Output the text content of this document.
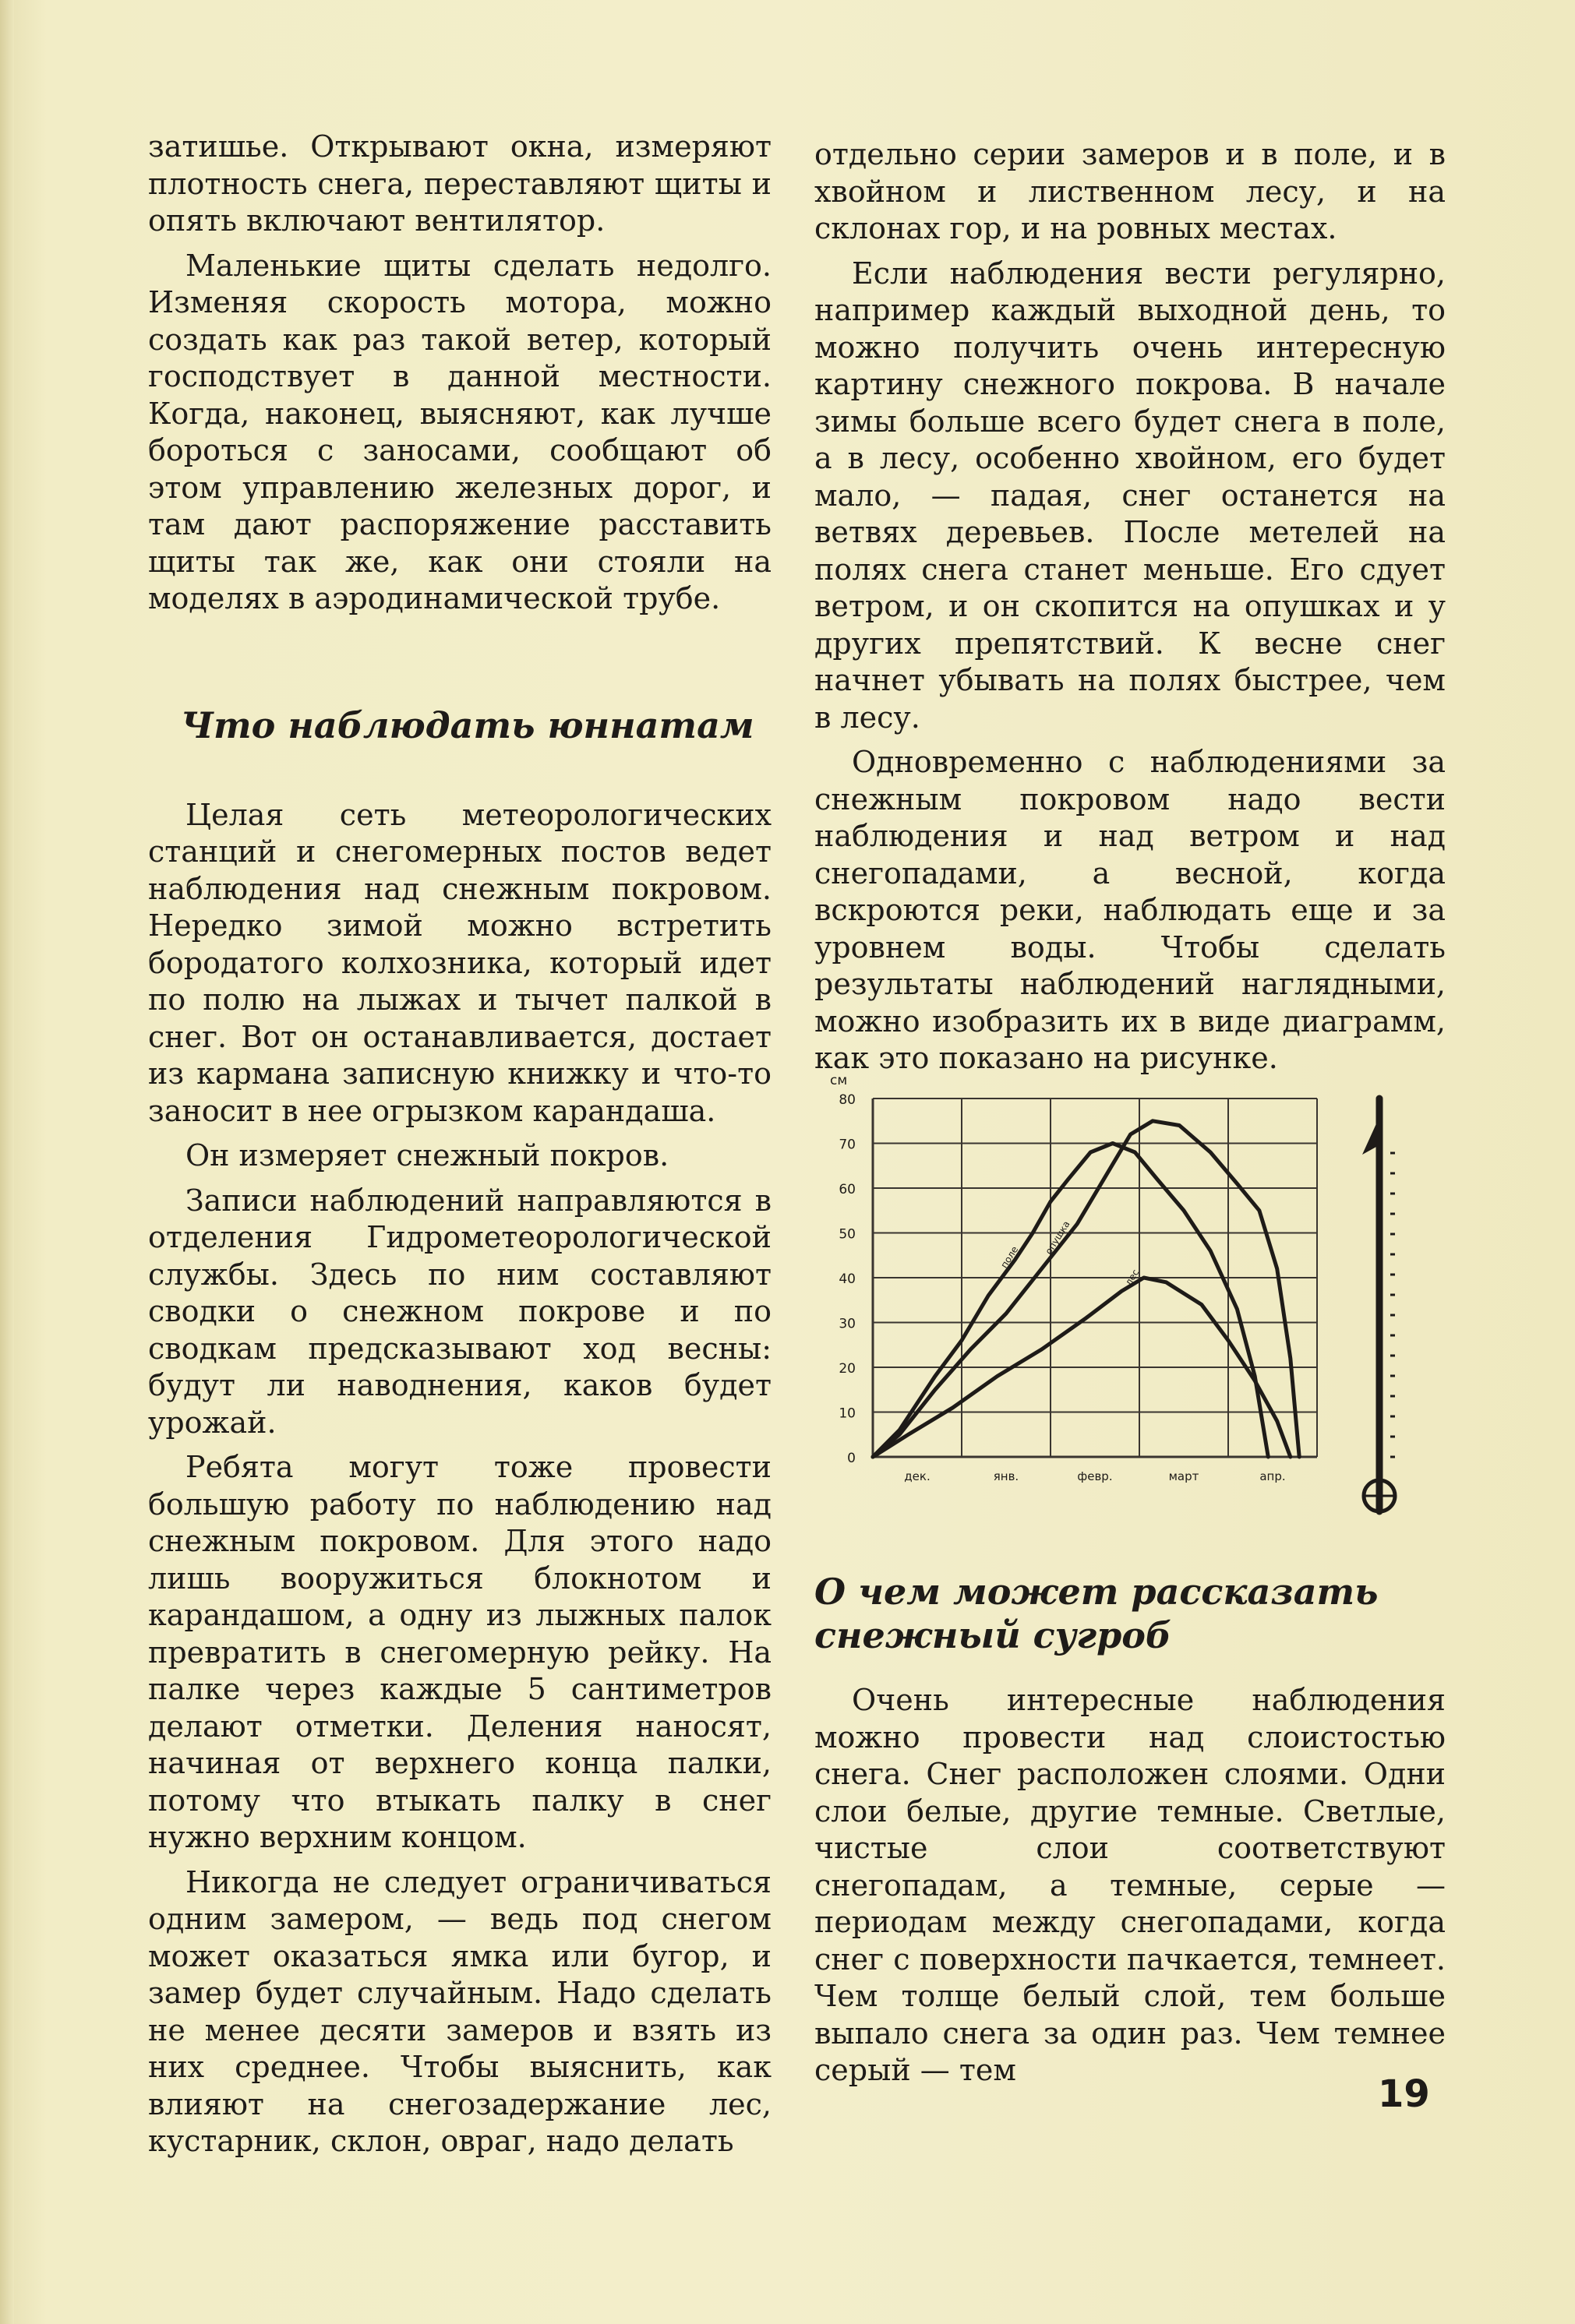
затишье. Открывают окна, измеряют плотность снега, переставляют щиты и опять включают вентилятор.

Маленькие щиты сделать недолго. Изменяя скорость мотора, можно создать как раз такой ветер, который господствует в данной местности. Когда, наконец, выясняют, как лучше бороться с заносами, сообщают об этом управлению железных дорог, и там дают распоряжение расставить щиты так же, как они стояли на моделях в аэродинамической трубе.

Что наблюдать юннатам

Целая сеть метеорологических станций и снегомерных постов ведет наблюдения над снежным покровом. Нередко зимой можно встретить бородатого колхозника, который идет по полю на лыжах и тычет палкой в снег. Вот он останавливается, достает из кармана записную книжку и что-то заносит в нее огрызком карандаша.

Он измеряет снежный покров.

Записи наблюдений направляются в отделения Гидрометеорологической службы. Здесь по ним составляют сводки о снежном покрове и по сводкам предсказывают ход весны: будут ли наводнения, каков будет урожай.

Ребята могут тоже провести большую работу по наблюдению над снежным покровом. Для этого надо лишь вооружиться блокнотом и карандашом, а одну из лыжных палок превратить в снегомерную рейку. На палке через каждые 5 сантиметров делают отметки. Деления наносят, начиная от верхнего конца палки, потому что втыкать палку в снег нужно верхним концом.

Никогда не следует ограничиваться одним замером, — ведь под снегом может оказаться ямка или бугор, и замер будет случайным. Надо сделать не менее десяти замеров и взять из них среднее. Чтобы выяснить, как влияют на снегозадержание лес, кустарник, склон, овраг, надо делать

отдельно серии замеров и в поле, и в хвойном и лиственном лесу, и на склонах гор, и на ровных местах.

Если наблюдения вести регулярно, например каждый выходной день, то можно получить очень интересную картину снежного покрова. В начале зимы больше всего будет снега в поле, а в лесу, особенно хвойном, его будет мало, — падая, снег останется на ветвях деревьев. После метелей на полях снега станет меньше. Его сдует ветром, и он скопится на опушках и у других препятствий. К весне снег начнет убывать на полях быстрее, чем в лесу.

Одновременно с наблюдениями за снежным покровом надо вести наблюдения и над ветром и над снегопадами, а весной, когда вскроются реки, наблюдать еще и за уровнем воды. Чтобы сделать результаты наблюдений наглядными, можно изобразить их в виде диаграмм, как это показано на рисунке.

0
10
20
30
40
50
60
70
80
см
дек.	янв.	февр.	март	апр.
поле
опушка
лес
О чем может рассказать снежный сугроб

Очень интересные наблюдения можно провести над слоистостью снега. Снег расположен слоями. Одни слои белые, другие темные. Светлые, чистые слои соответствуют снегопадам, а темные, серые — периодам между снегопадами, когда снег с поверхности пачкается, темнеет. Чем толще белый слой, тем больше выпало снега за один раз. Чем темнее серый — тем

19
